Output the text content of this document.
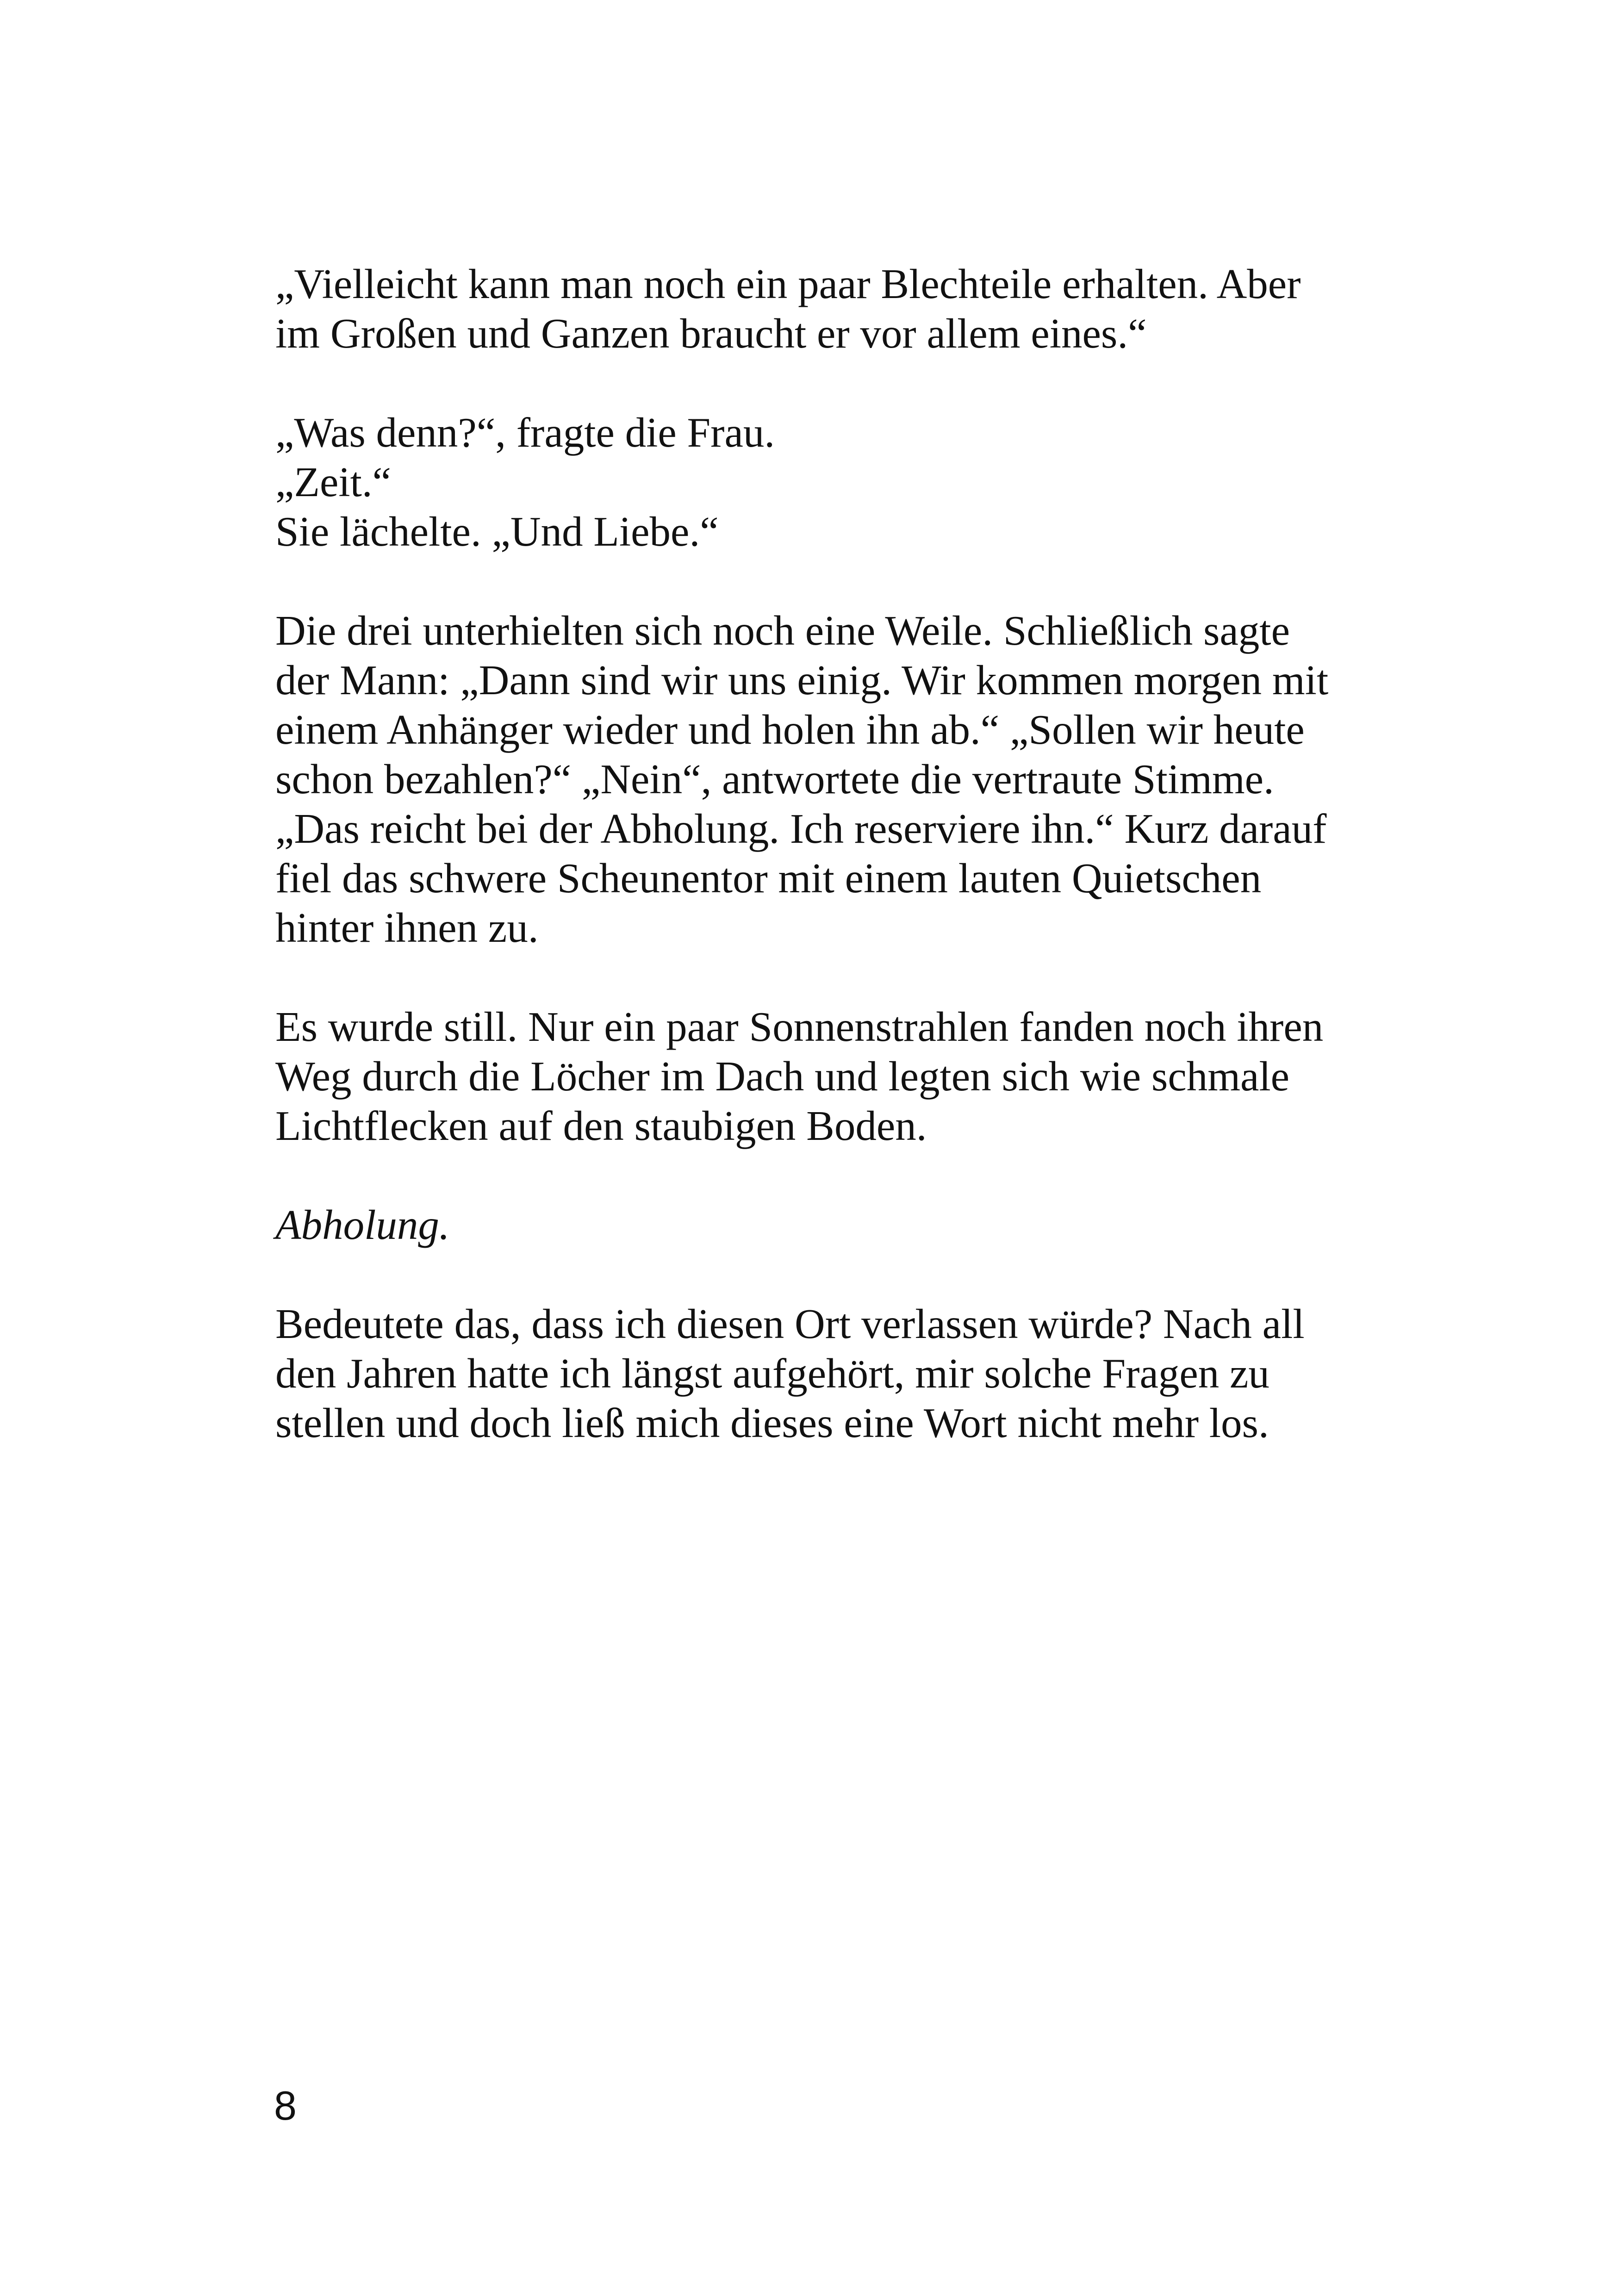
„Vielleicht kann man noch ein paar Blechteile erhalten. Aber
im Großen und Ganzen braucht er vor allem eines.“
„Was denn?“, fragte die Frau.
„Zeit.“
Sie lächelte. „Und Liebe.“
Die drei unterhielten sich noch eine Weile. Schließlich sagte
der Mann: „Dann sind wir uns einig. Wir kommen morgen mit
einem Anhänger wieder und holen ihn ab.“ „Sollen wir heute
schon bezahlen?“ „Nein“, antwortete die vertraute Stimme.
„Das reicht bei der Abholung. Ich reserviere ihn.“ Kurz darauf
fiel das schwere Scheunentor mit einem lauten Quietschen
hinter ihnen zu.
Es wurde still. Nur ein paar Sonnenstrahlen fanden noch ihren
Weg durch die Löcher im Dach und legten sich wie schmale
Lichtflecken auf den staubigen Boden.
Abholung.
Bedeutete das, dass ich diesen Ort verlassen würde? Nach all
den Jahren hatte ich längst aufgehört, mir solche Fragen zu
stellen und doch ließ mich dieses eine Wort nicht mehr los.
8
